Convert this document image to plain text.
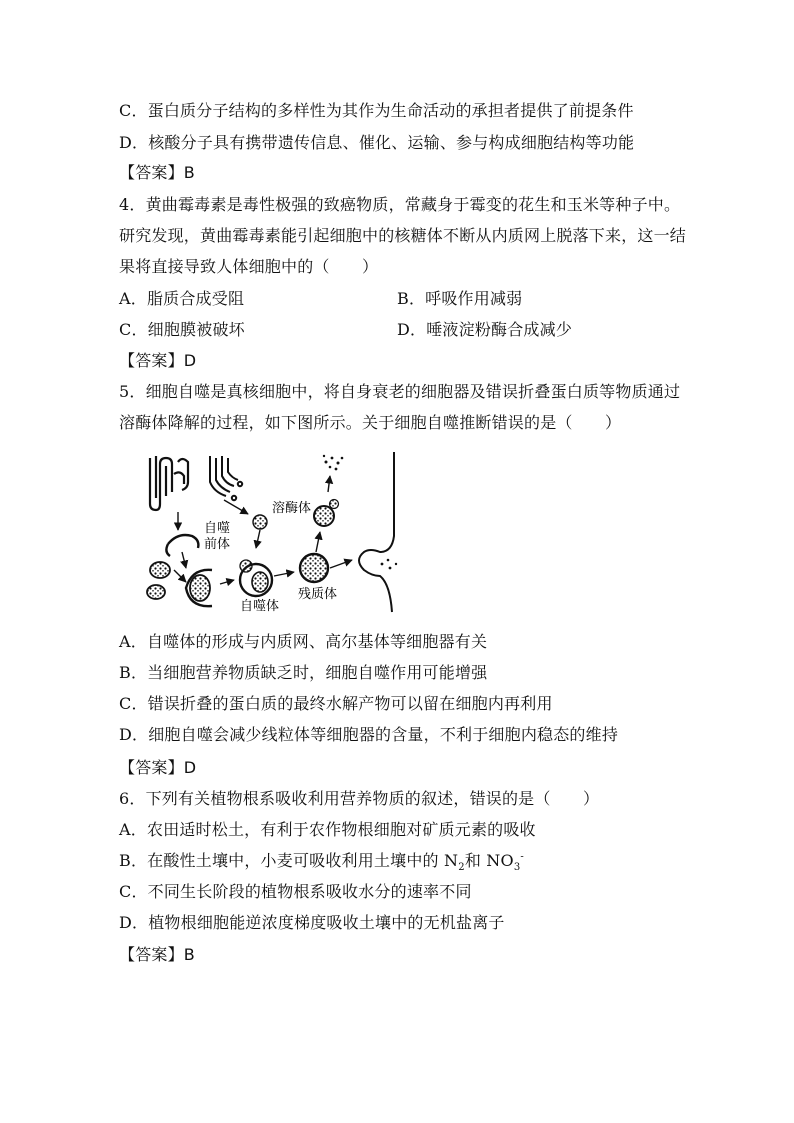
C．蛋白质分子结构的多样性为其作为生命活动的承担者提供了前提条件
D．核酸分子具有携带遗传信息、催化、运输、参与构成细胞结构等功能
【答案】B
4．黄曲霉毒素是毒性极强的致癌物质，常藏身于霉变的花生和玉米等种子中。
研究发现，黄曲霉毒素能引起细胞中的核糖体不断从内质网上脱落下来，这一结
果将直接导致人体细胞中的（　　）
A．脂质合成受阻	B．呼吸作用减弱
C．细胞膜被破坏	D．唾液淀粉酶合成减少
【答案】D
5．细胞自噬是真核细胞中，将自身衰老的细胞器及错误折叠蛋白质等物质通过
溶酶体降解的过程，如下图所示。关于细胞自噬推断错误的是（　　）
自噬
前体
溶酶体
自噬体
残质体
A．自噬体的形成与内质网、高尔基体等细胞器有关
B．当细胞营养物质缺乏时，细胞自噬作用可能增强
C．错误折叠的蛋白质的最终水解产物可以留在细胞内再利用
D．细胞自噬会减少线粒体等细胞器的含量，不利于细胞内稳态的维持
【答案】D
6．下列有关植物根系吸收利用营养物质的叙述，错误的是（　　）
A．农田适时松土，有利于农作物根细胞对矿质元素的吸收
B．在酸性土壤中，小麦可吸收利用土壤中的 $N_2$和 $NO_3^-$
C．不同生长阶段的植物根系吸收水分的速率不同
D．植物根细胞能逆浓度梯度吸收土壤中的无机盐离子
【答案】B
